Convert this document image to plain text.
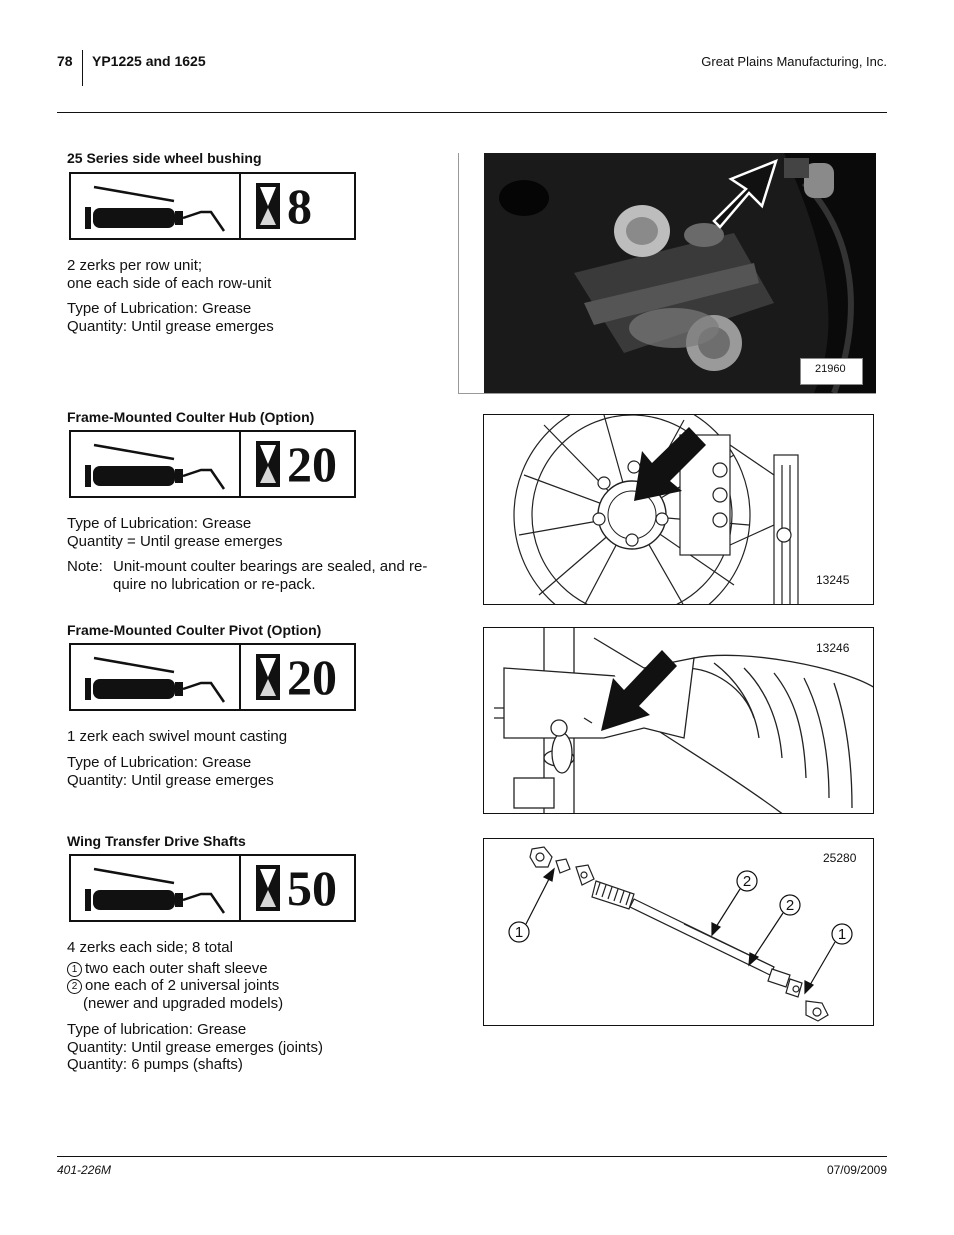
78 YP1225 and 1625	Great Plains Manufacturing, Inc.
25 Series side wheel bushing
8
2 zerks per row unit;
one each side of each row-unit
Type of Lubrication: Grease
Quantity: Until grease emerges
21960
Frame-Mounted Coulter Hub (Option)
20
Type of Lubrication: Grease
Quantity = Until grease emerges
Note: Unit-mount coulter bearings are sealed, and re-
quire no lubrication or re-pack.	13245
Frame-Mounted Coulter Pivot (Option)
20
1 zerk each swivel mount casting
Type of Lubrication: Grease
Quantity: Until grease emerges
13246
Wing Transfer Drive Shafts
50
4 zerks each side; 8 total
1 two each outer shaft sleeve
2 one each of 2 universal joints
(newer and upgraded models)
Type of lubrication: Grease
Quantity: Until grease emerges (joints)
Quantity: 6 pumps (shafts)
1
2
2
1
25280
401-226M	07/09/2009
